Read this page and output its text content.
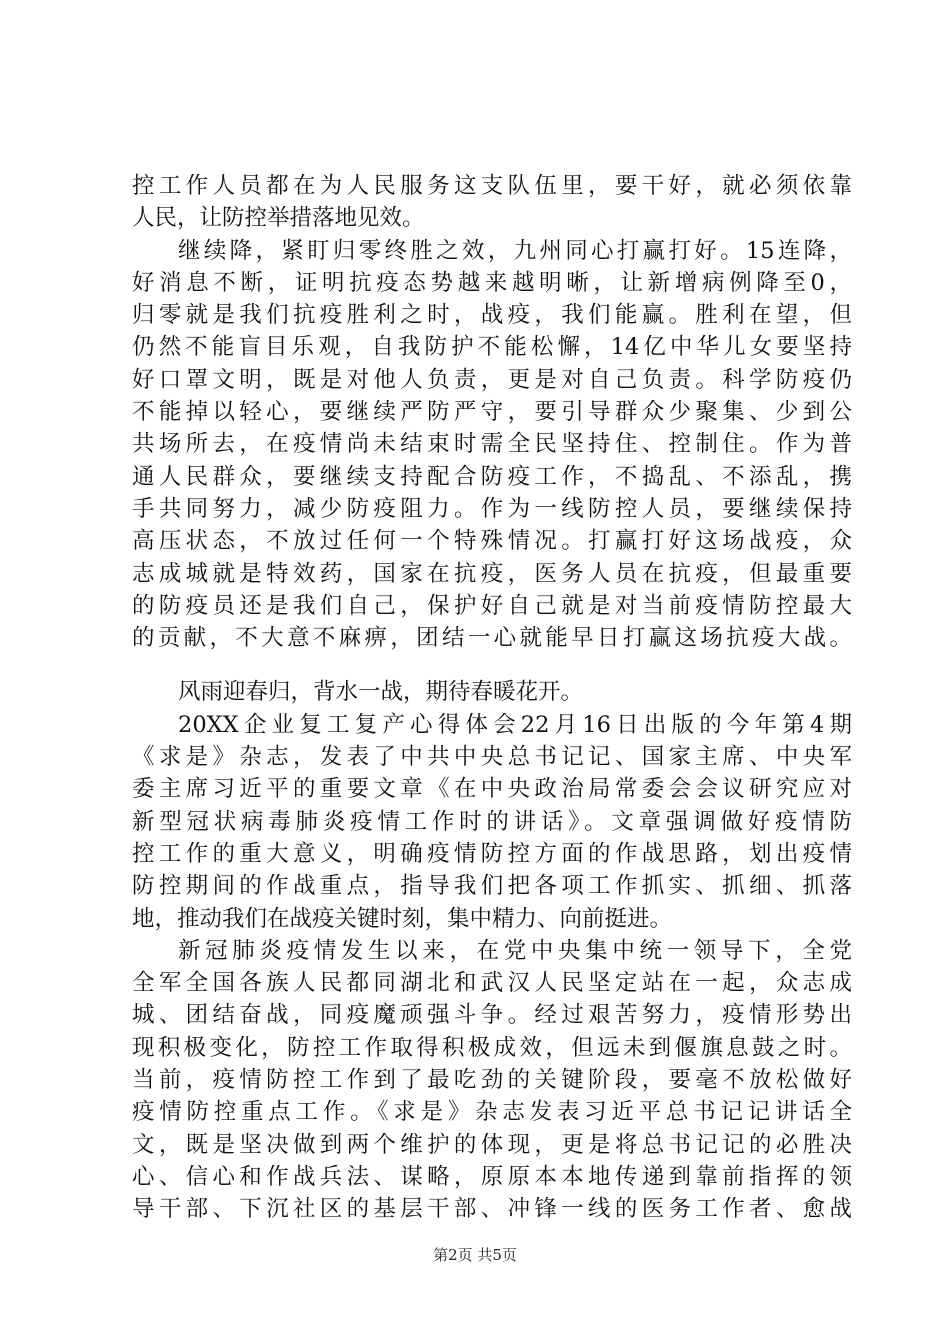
控工作人员都在为人民服务这支队伍里，要干好，就必须依靠
人民，让防控举措落地见效。
继续降，紧盯归零终胜之效，九州同心打赢打好。15连降，
好消息不断，证明抗疫态势越来越明晰，让新增病例降至0，
归零就是我们抗疫胜利之时，战疫，我们能赢。胜利在望，但
仍然不能盲目乐观，自我防护不能松懈，14亿中华儿女要坚持
好口罩文明，既是对他人负责，更是对自己负责。科学防疫仍
不能掉以轻心，要继续严防严守，要引导群众少聚集、少到公
共场所去，在疫情尚未结束时需全民坚持住、控制住。作为普
通人民群众，要继续支持配合防疫工作，不捣乱、不添乱，携
手共同努力，减少防疫阻力。作为一线防控人员，要继续保持
高压状态，不放过任何一个特殊情况。打赢打好这场战疫，众
志成城就是特效药，国家在抗疫，医务人员在抗疫，但最重要
的防疫员还是我们自己，保护好自己就是对当前疫情防控最大
的贡献，不大意不麻痹，团结一心就能早日打赢这场抗疫大战。
风雨迎春归，背水一战，期待春暖花开。
20XX企业复工复产心得体会22月16日出版的今年第4期
《求是》杂志，发表了中共中央总书记记、国家主席、中央军
委主席习近平的重要文章《在中央政治局常委会会议研究应对
新型冠状病毒肺炎疫情工作时的讲话》。文章强调做好疫情防
控工作的重大意义，明确疫情防控方面的作战思路，划出疫情
防控期间的作战重点，指导我们把各项工作抓实、抓细、抓落
地，推动我们在战疫关键时刻，集中精力、向前挺进。
新冠肺炎疫情发生以来，在党中央集中统一领导下，全党
全军全国各族人民都同湖北和武汉人民坚定站在一起，众志成
城、团结奋战，同疫魔顽强斗争。经过艰苦努力，疫情形势出
现积极变化，防控工作取得积极成效，但远未到偃旗息鼓之时。
当前，疫情防控工作到了最吃劲的关键阶段，要毫不放松做好
疫情防控重点工作。《求是》杂志发表习近平总书记记讲话全
文，既是坚决做到两个维护的体现，更是将总书记记的必胜决
心、信心和作战兵法、谋略，原原本本地传递到靠前指挥的领
导干部、下沉社区的基层干部、冲锋一线的医务工作者、愈战
第2页 共5页
